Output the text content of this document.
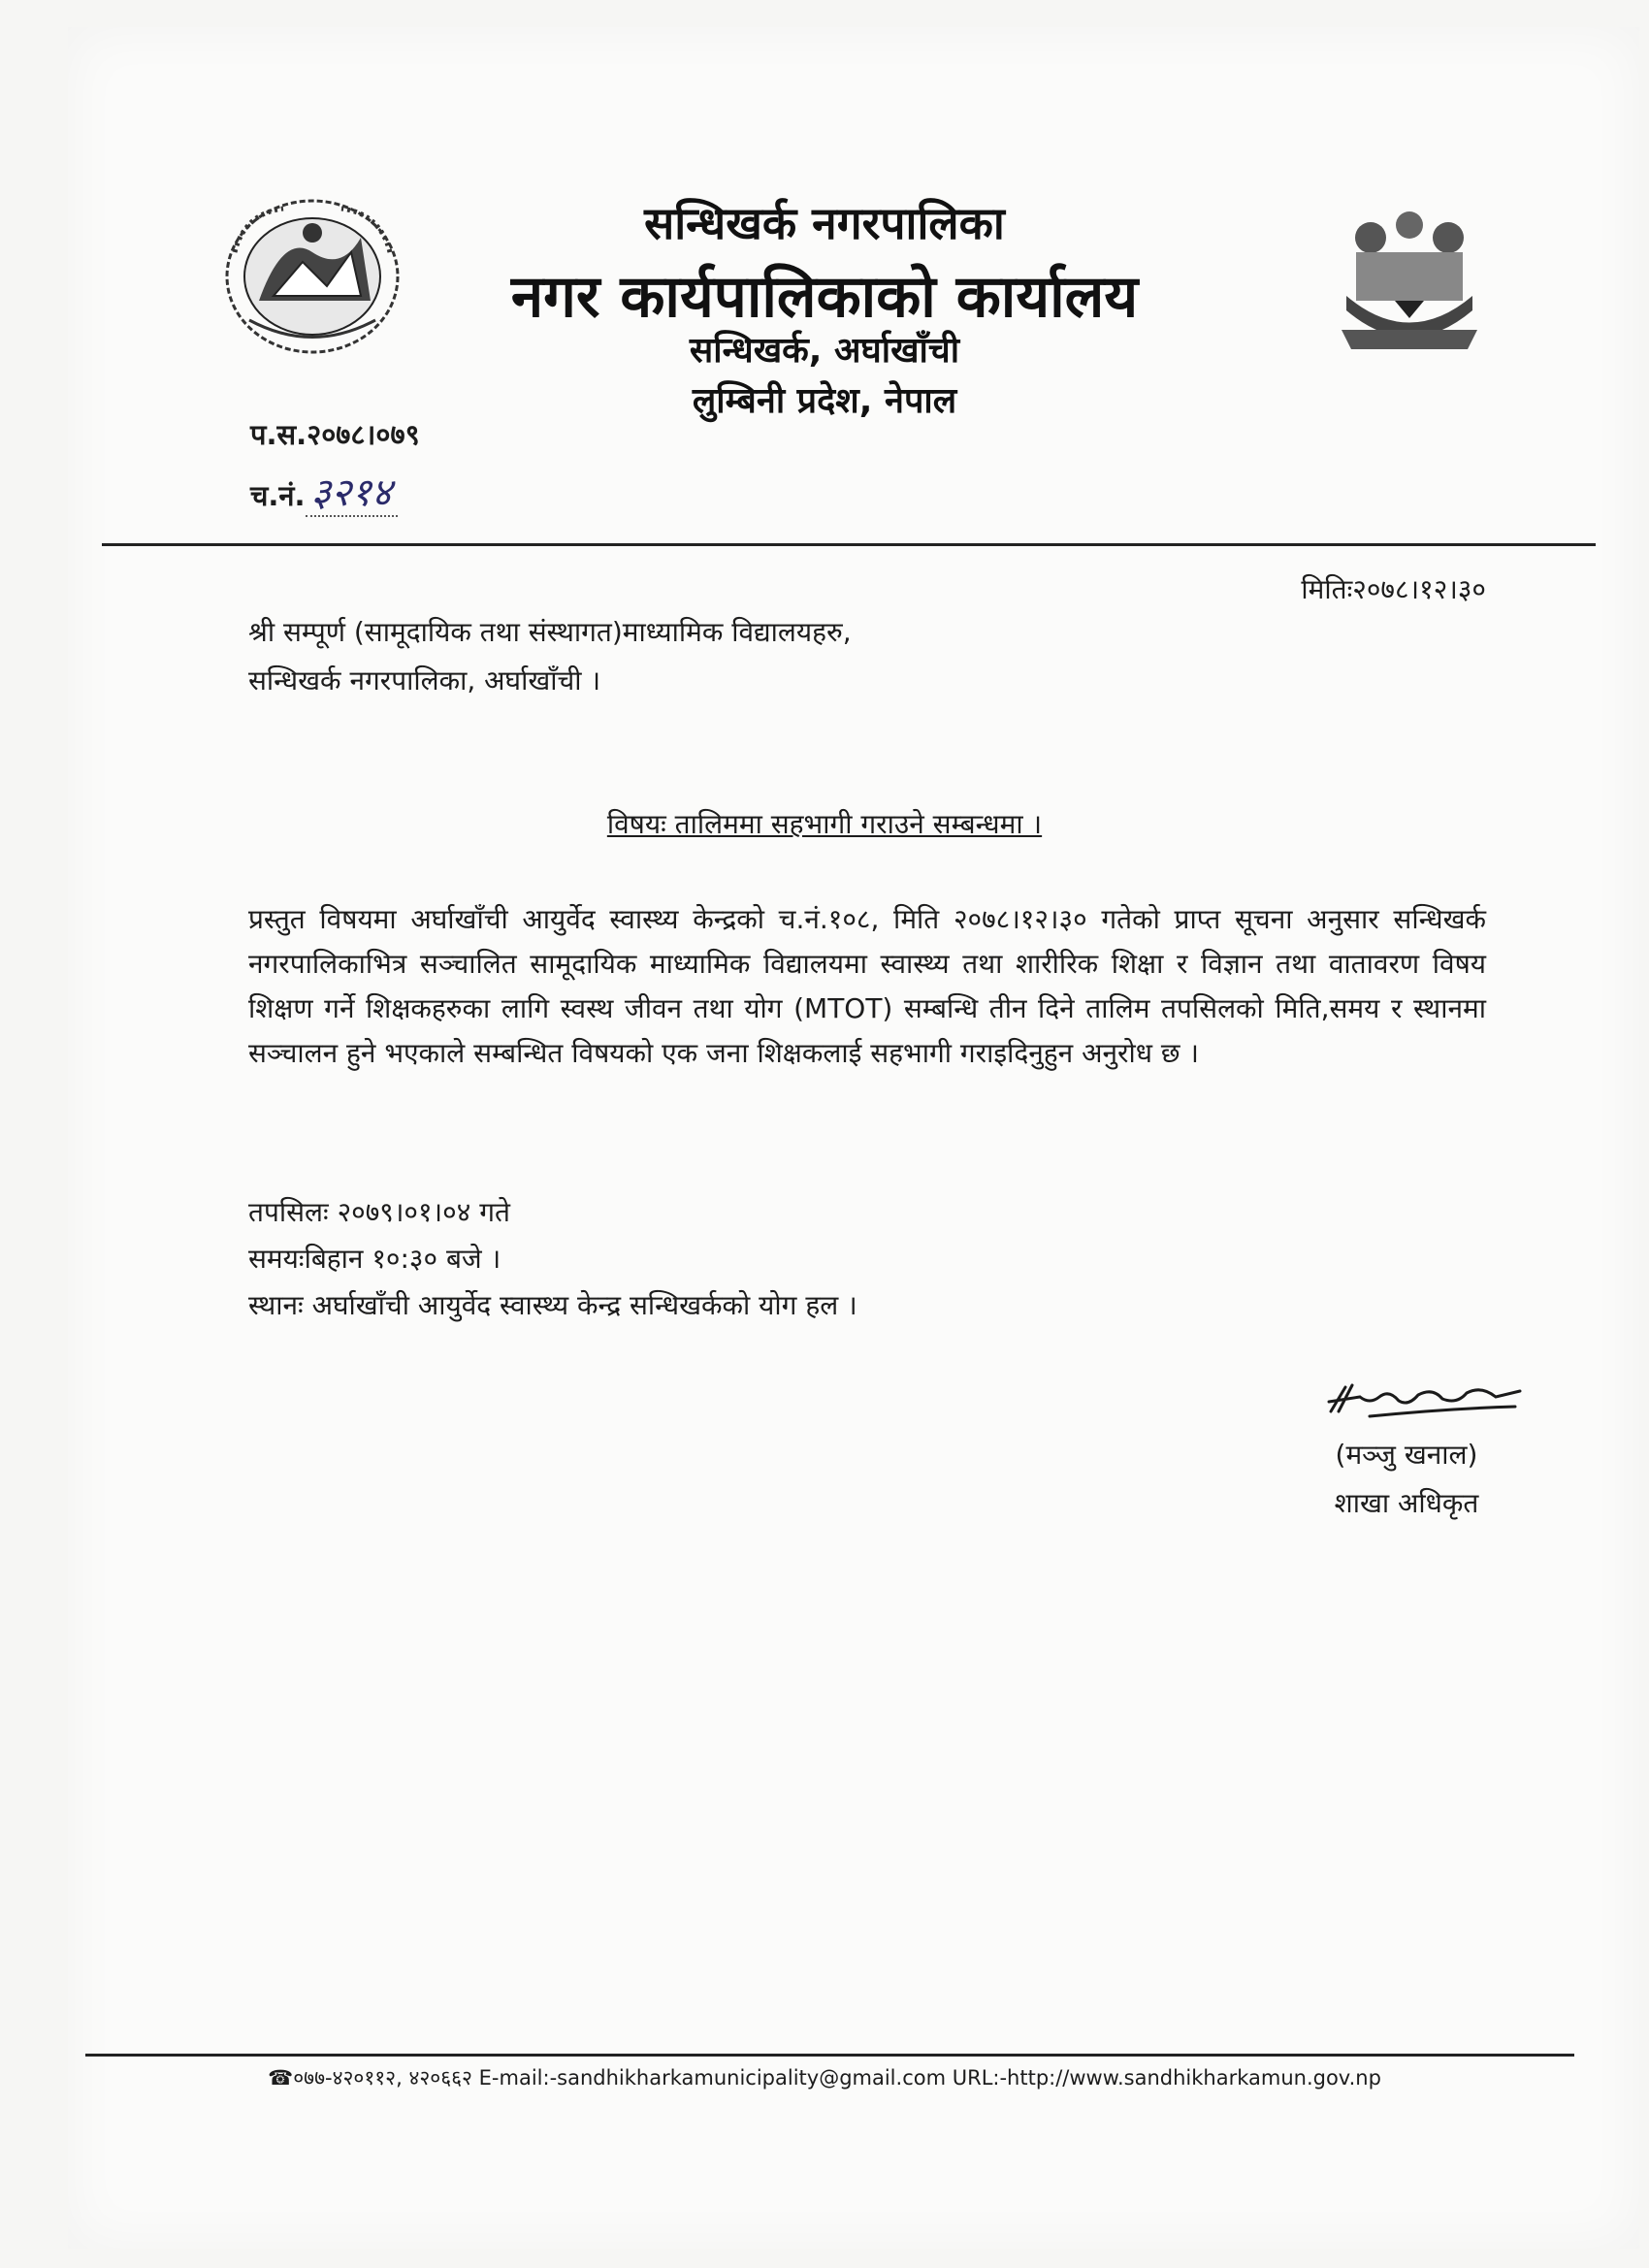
सन्धिखर्क नगरपालिका
नगर कार्यपालिकाको कार्यालय
सन्धिखर्क, अर्घाखाँची
लुम्बिनी प्रदेश, नेपाल
प.स.२०७८।०७९
च.नं. ३२१४
मितिः२०७८।१२।३०
श्री सम्पूर्ण (सामूदायिक तथा संस्थागत)माध्यामिक विद्यालयहरु,
सन्धिखर्क नगरपालिका, अर्घाखाँची ।
विषयः तालिममा सहभागी गराउने सम्बन्धमा ।
प्रस्तुत विषयमा अर्घाखाँची आयुर्वेद स्वास्थ्य केन्द्रको च.नं.१०८, मिति २०७८।१२।३० गतेको प्राप्त सूचना अनुसार सन्धिखर्क नगरपालिकाभित्र सञ्चालित सामूदायिक माध्यामिक विद्यालयमा स्वास्थ्य तथा शारीरिक शिक्षा र विज्ञान तथा वातावरण विषय शिक्षण गर्ने शिक्षकहरुका लागि स्वस्थ जीवन तथा योग (MTOT) सम्बन्धि तीन दिने तालिम तपसिलको मिति,समय र स्थानमा सञ्चालन हुने भएकाले सम्बन्धित विषयको एक जना शिक्षकलाई सहभागी गराइदिनुहुन अनुरोध छ ।
तपसिलः २०७९।०१।०४ गते
समयःबिहान १०:३० बजे ।
स्थानः अर्घाखाँची आयुर्वेद स्वास्थ्य केन्द्र सन्धिखर्कको योग हल ।
(मञ्जु खनाल)
शाखा अधिकृत
☎०७७-४२०११२, ४२०६६२ E-mail:-sandhikharkamunicipality@gmail.com URL:-http://www.sandhikharkamun.gov.np
